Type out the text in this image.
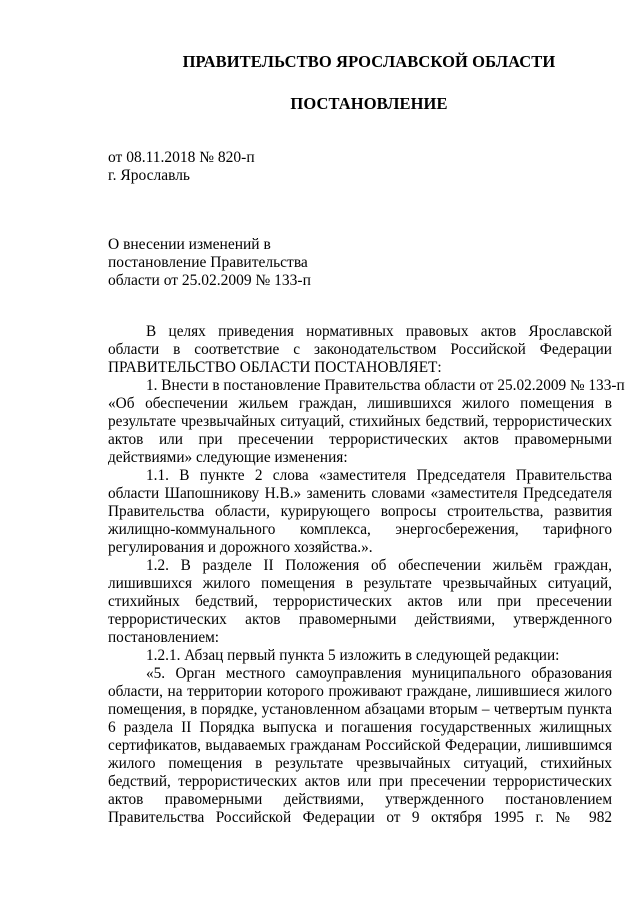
ПРАВИТЕЛЬСТВО ЯРОСЛАВСКОЙ ОБЛАСТИ
ПОСТАНОВЛЕНИЕ
от 08.11.2018 № 820-п
г. Ярославль
О внесении изменений в
постановление Правительства
области от 25.02.2009 № 133-п
В целях приведения нормативных правовых актов Ярославской
области в соответствие с законодательством Российской Федерации
ПРАВИТЕЛЬСТВО ОБЛАСТИ ПОСТАНОВЛЯЕТ:
1. Внести в постановление Правительства области от 25.02.2009 № 133-п
«Об обеспечении жильем граждан, лишившихся жилого помещения в
результате чрезвычайных ситуаций, стихийных бедствий, террористических
актов или при пресечении террористических актов правомерными
действиями» следующие изменения:
1.1. В пункте 2 слова «заместителя Председателя Правительства
области Шапошникову Н.В.» заменить словами «заместителя Председателя
Правительства области, курирующего вопросы строительства, развития
жилищно-коммунального комплекса, энергосбережения, тарифного
регулирования и дорожного хозяйства.».
1.2. В разделе II Положения об обеспечении жильём граждан,
лишившихся жилого помещения в результате чрезвычайных ситуаций,
стихийных бедствий, террористических актов или при пресечении
террористических актов правомерными действиями, утвержденного
постановлением:
1.2.1. Абзац первый пункта 5 изложить в следующей редакции:
«5. Орган местного самоуправления муниципального образования
области, на территории которого проживают граждане, лишившиеся жилого
помещения, в порядке, установленном абзацами вторым – четвертым пункта
6 раздела II Порядка выпуска и погашения государственных жилищных
сертификатов, выдаваемых гражданам Российской Федерации, лишившимся
жилого помещения в результате чрезвычайных ситуаций, стихийных
бедствий, террористических актов или при пресечении террористических
актов правомерными действиями, утвержденного постановлением
Правительства Российской Федерации от 9 октября 1995 г. № 982
